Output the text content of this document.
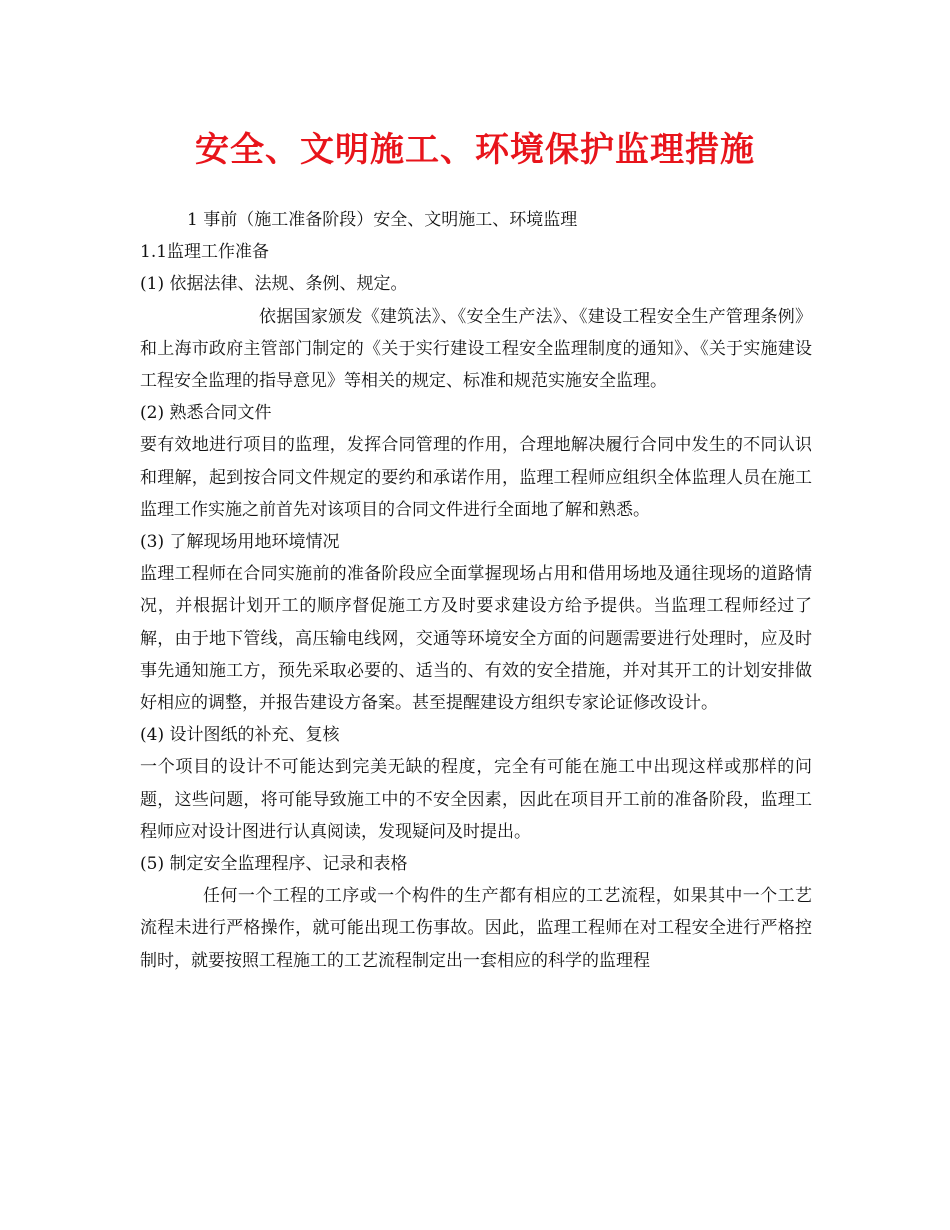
安全、文明施工、环境保护监理措施

1 事前（施工准备阶段）安全、文明施工、环境监理

1.1监理工作准备

(1) 依据法律、法规、条例、规定。

依据国家颁发《建筑法》、《安全生产法》、《建设工程安全生产管理条例》和上海市政府主管部门制定的《关于实行建设工程安全监理制度的通知》、《关于实施建设工程安全监理的指导意见》等相关的规定、标准和规范实施安全监理。

(2) 熟悉合同文件

要有效地进行项目的监理，发挥合同管理的作用，合理地解决履行合同中发生的不同认识和理解，起到按合同文件规定的要约和承诺作用，监理工程师应组织全体监理人员在施工监理工作实施之前首先对该项目的合同文件进行全面地了解和熟悉。

(3) 了解现场用地环境情况

监理工程师在合同实施前的准备阶段应全面掌握现场占用和借用场地及通往现场的道路情况，并根据计划开工的顺序督促施工方及时要求建设方给予提供。当监理工程师经过了解，由于地下管线，高压输电线网，交通等环境安全方面的问题需要进行处理时，应及时事先通知施工方，预先采取必要的、适当的、有效的安全措施，并对其开工的计划安排做好相应的调整，并报告建设方备案。甚至提醒建设方组织专家论证修改设计。

(4) 设计图纸的补充、复核

一个项目的设计不可能达到完美无缺的程度，完全有可能在施工中出现这样或那样的问题，这些问题，将可能导致施工中的不安全因素，因此在项目开工前的准备阶段，监理工程师应对设计图进行认真阅读，发现疑问及时提出。

(5) 制定安全监理程序、记录和表格

任何一个工程的工序或一个构件的生产都有相应的工艺流程，如果其中一个工艺流程未进行严格操作，就可能出现工伤事故。因此，监理工程师在对工程安全进行严格控制时，就要按照工程施工的工艺流程制定出一套相应的科学的监理程
